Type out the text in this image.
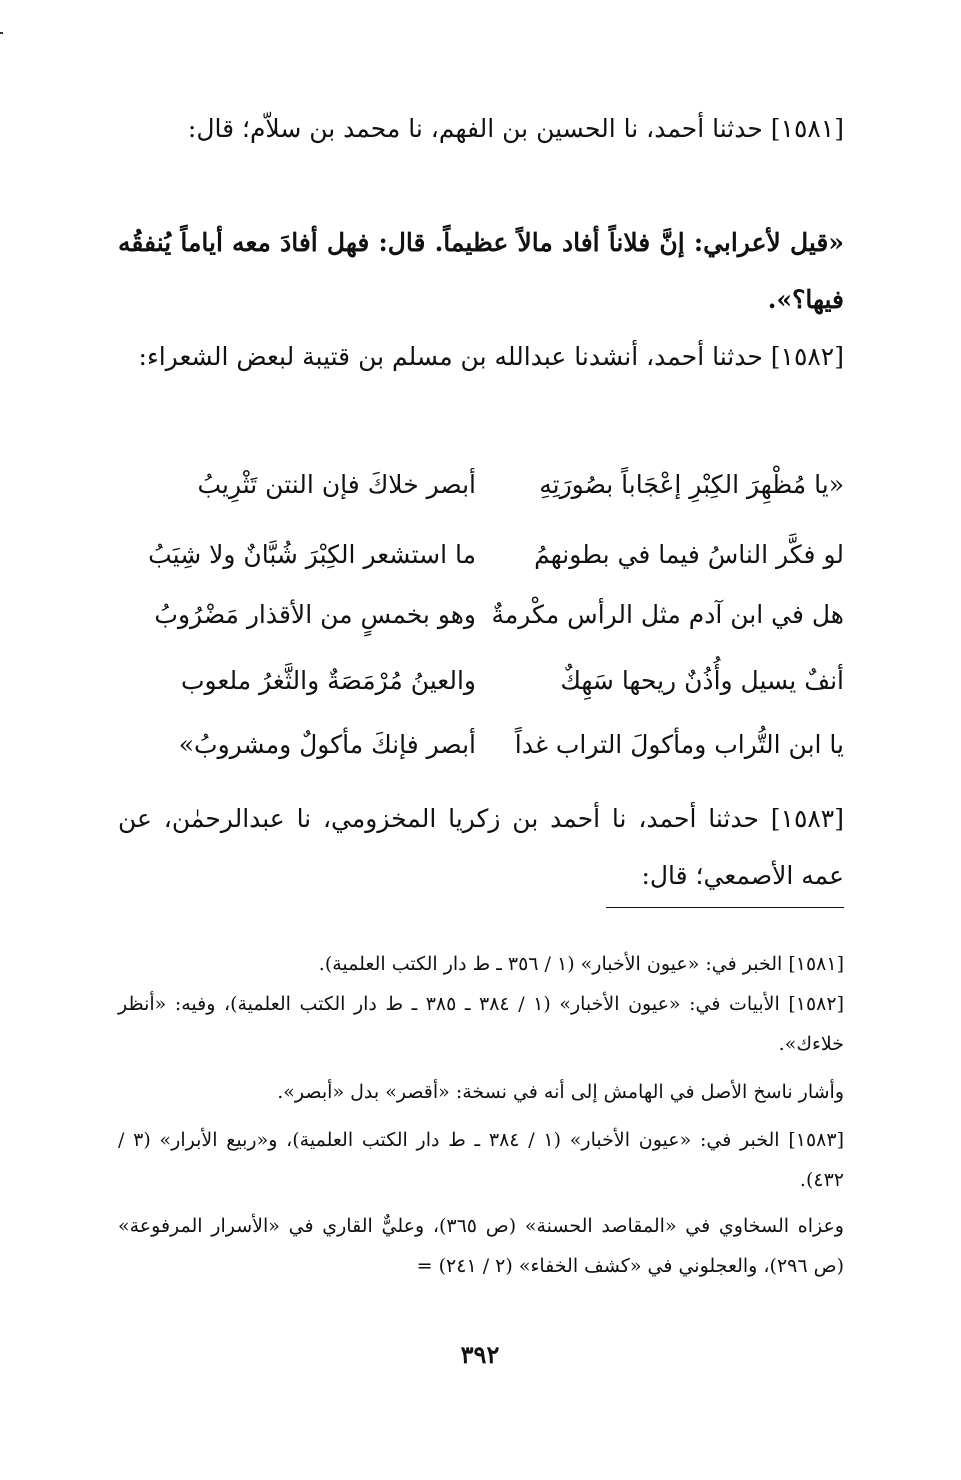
[١٥٨١] حدثنا أحمد، نا الحسين بن الفهم، نا محمد بن سلاّم؛ قال:
«قيل لأعرابي: إنَّ فلاناً أفاد مالاً عظيماً. قال: فهل أفادَ معه أياماً يُنفقُه فيها؟».
[١٥٨٢] حدثنا أحمد، أنشدنا عبدالله بن مسلم بن قتيبة لبعض الشعراء:
«يا مُظْهِرَ الكِبْرِ إعْجَاباً بصُورَتِهِ
أبصر خلاكَ فإن النتن تَثْرِيبُ
لو فكَّر الناسُ فيما في بطونهمُ
ما استشعر الكِبْرَ شُبَّانٌ ولا شِيَبُ
هل في ابن آدم مثل الرأس مكْرمةٌ
وهو بخمسٍ من الأقذار مَضْرُوبُ
أنفٌ يسيل وأُذُنٌ ريحها سَهِكٌ
والعينُ مُرْمَصَةٌ والثَّغرُ ملعوب
يا ابن التُّراب ومأكولَ التراب غداً
أبصر فإنكَ مأكولٌ ومشروبُ»
[١٥٨٣] حدثنا أحمد، نا أحمد بن زكريا المخزومي، نا عبدالرحمٰن، عن عمه الأصمعي؛ قال:
[١٥٨١] الخبر في: «عيون الأخبار» (١ / ٣٥٦ ـ ط دار الكتب العلمية).
[١٥٨٢] الأبيات في: «عيون الأخبار» (١ / ٣٨٤ ـ ٣٨٥ ـ ط دار الكتب العلمية)، وفيه: «أنظر خلاءك».
وأشار ناسخ الأصل في الهامش إلى أنه في نسخة: «أقصر» بدل «أبصر».
[١٥٨٣] الخبر في: «عيون الأخبار» (١ / ٣٨٤ ـ ط دار الكتب العلمية)، و«ربيع الأبرار» (٣ / ٤٣٢).
وعزاه السخاوي في «المقاصد الحسنة» (ص ٣٦٥)، وعليٌّ القاري في «الأسرار المرفوعة» (ص ٢٩٦)، والعجلوني في «كشف الخفاء» (٢ / ٢٤١) =
٣٩٢
